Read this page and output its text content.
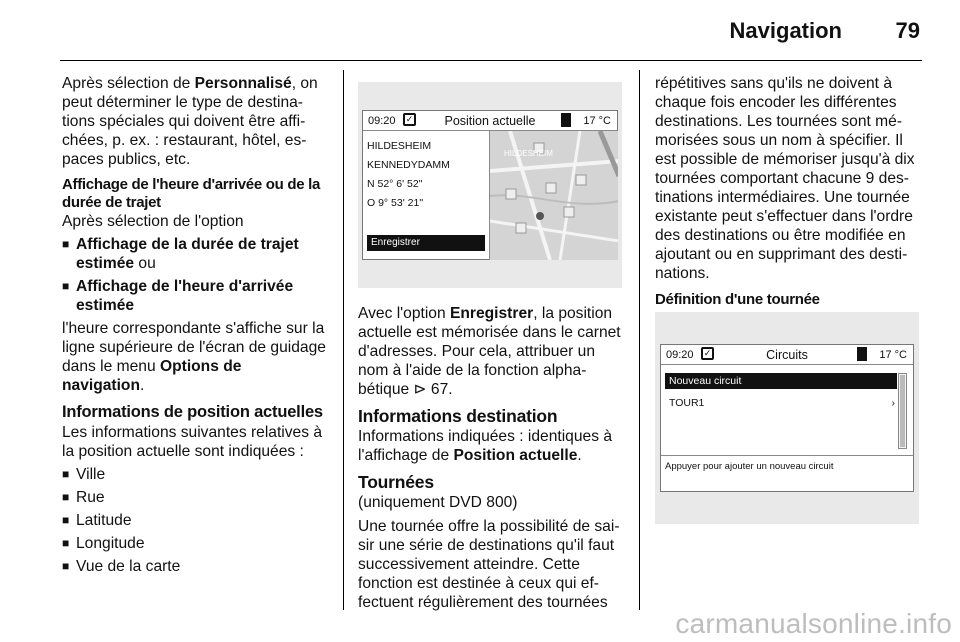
Navigation 79

Après sélection de Personnalisé, on peut déterminer le type de destinations spéciales qui doivent être affichées, p. ex. : restaurant, hôtel, espaces publics, etc.

Affichage de l'heure d'arrivée ou de la durée de trajet

Après sélection de l'option

■ Affichage de la durée de trajet estimée ou
■ Affichage de l'heure d'arrivée estimée

l'heure correspondante s'affiche sur la ligne supérieure de l'écran de guidage dans le menu Options de navigation.

Informations de position actuelles

Les informations suivantes relatives à la position actuelle sont indiquées :

■ Ville
■ Rue
■ Latitude
■ Longitude
■ Vue de la carte
09:20	✓	Position actuelle	17 °C
HILDESHEIM
KENNEDYDAMM
N 52° 6' 52"
O 9° 53' 21"
Enregistrer
HILDESHEIM

Avec l'option Enregistrer, la position actuelle est mémorisée dans le carnet d'adresses. Pour cela, attribuer un nom à l'aide de la fonction alphabétique ⊳ 67.

Informations destination

Informations indiquées : identiques à l'affichage de Position actuelle.

Tournées

(uniquement DVD 800)

Une tournée offre la possibilité de saisir une série de destinations qu'il faut successivement atteindre. Cette fonction est destinée à ceux qui effectuent régulièrement des tournées

répétitives sans qu'ils ne doivent à chaque fois encoder les différentes destinations. Les tournées sont mémorisées sous un nom à spécifier. Il est possible de mémoriser jusqu'à dix tournées comportant chacune 9 destinations intermédiaires. Une tournée existante peut s'effectuer dans l'ordre des destinations ou être modifiée en ajoutant ou en supprimant des destinations.

Définition d'une tournée
09:20	✓	Circuits	17 °C
Nouveau circuit
TOUR1	›
Appuyer pour ajouter un nouveau circuit
carmanualsonline.info
